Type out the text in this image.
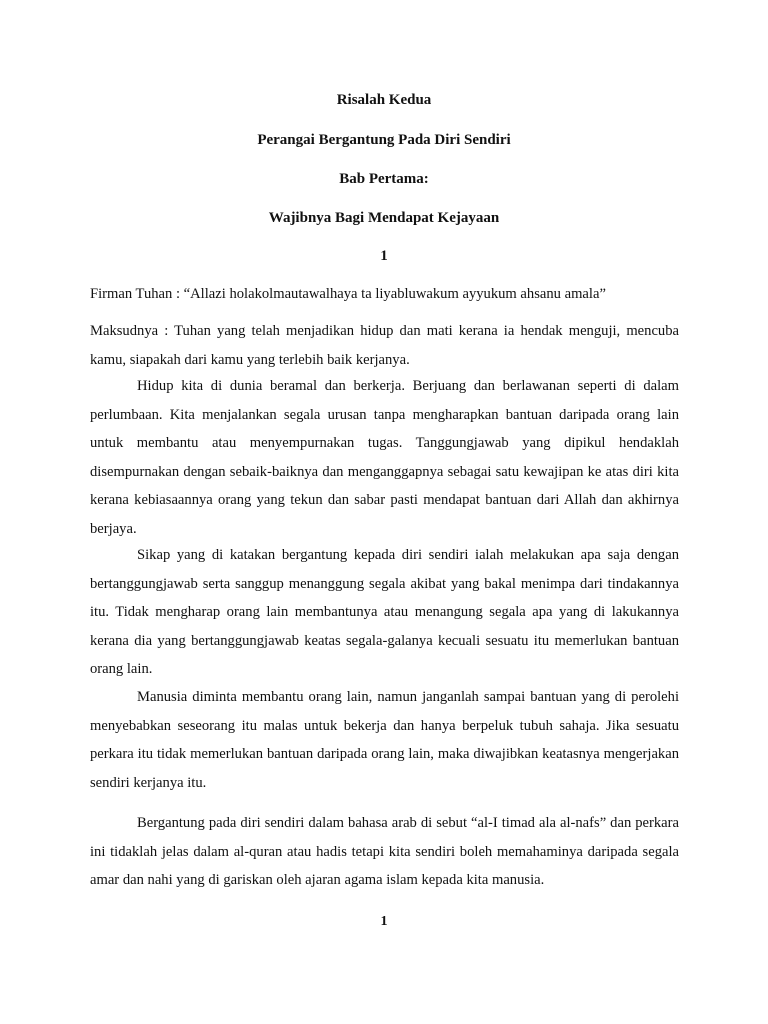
Risalah Kedua
Perangai Bergantung Pada Diri Sendiri
Bab Pertama:
Wajibnya Bagi Mendapat Kejayaan
1

Firman Tuhan : “Allazi holakolmautawalhaya ta liyabluwakum ayyukum ahsanu amala”

Maksudnya : Tuhan yang telah menjadikan hidup dan mati kerana ia hendak menguji, mencuba kamu, siapakah dari kamu yang terlebih baik kerjanya.

Hidup kita di dunia beramal dan berkerja. Berjuang dan berlawanan seperti di dalam perlumbaan. Kita menjalankan segala urusan tanpa mengharapkan bantuan daripada orang lain untuk membantu atau menyempurnakan tugas. Tanggungjawab yang dipikul hendaklah disempurnakan dengan sebaik-baiknya dan menganggapnya sebagai satu kewajipan ke atas diri kita kerana kebiasaannya orang yang tekun dan sabar pasti mendapat bantuan dari Allah dan akhirnya berjaya.

Sikap yang di katakan bergantung kepada diri sendiri ialah melakukan apa saja dengan bertanggungjawab serta sanggup menanggung segala akibat yang bakal menimpa dari tindakannya itu. Tidak mengharap orang lain membantunya atau menangung segala apa yang di lakukannya kerana dia yang bertanggungjawab keatas segala-galanya kecuali sesuatu itu memerlukan bantuan orang lain.

Manusia diminta membantu orang lain, namun janganlah sampai bantuan yang di perolehi menyebabkan seseorang itu malas untuk bekerja dan hanya berpeluk tubuh sahaja. Jika sesuatu perkara itu tidak memerlukan bantuan daripada orang lain, maka diwajibkan keatasnya mengerjakan sendiri kerjanya itu.

Bergantung pada diri sendiri dalam bahasa arab di sebut “al-I timad ala al-nafs” dan perkara ini tidaklah jelas dalam al-quran atau hadis tetapi kita sendiri boleh memahaminya daripada segala amar dan nahi yang di gariskan oleh ajaran agama islam kepada kita manusia.

1
